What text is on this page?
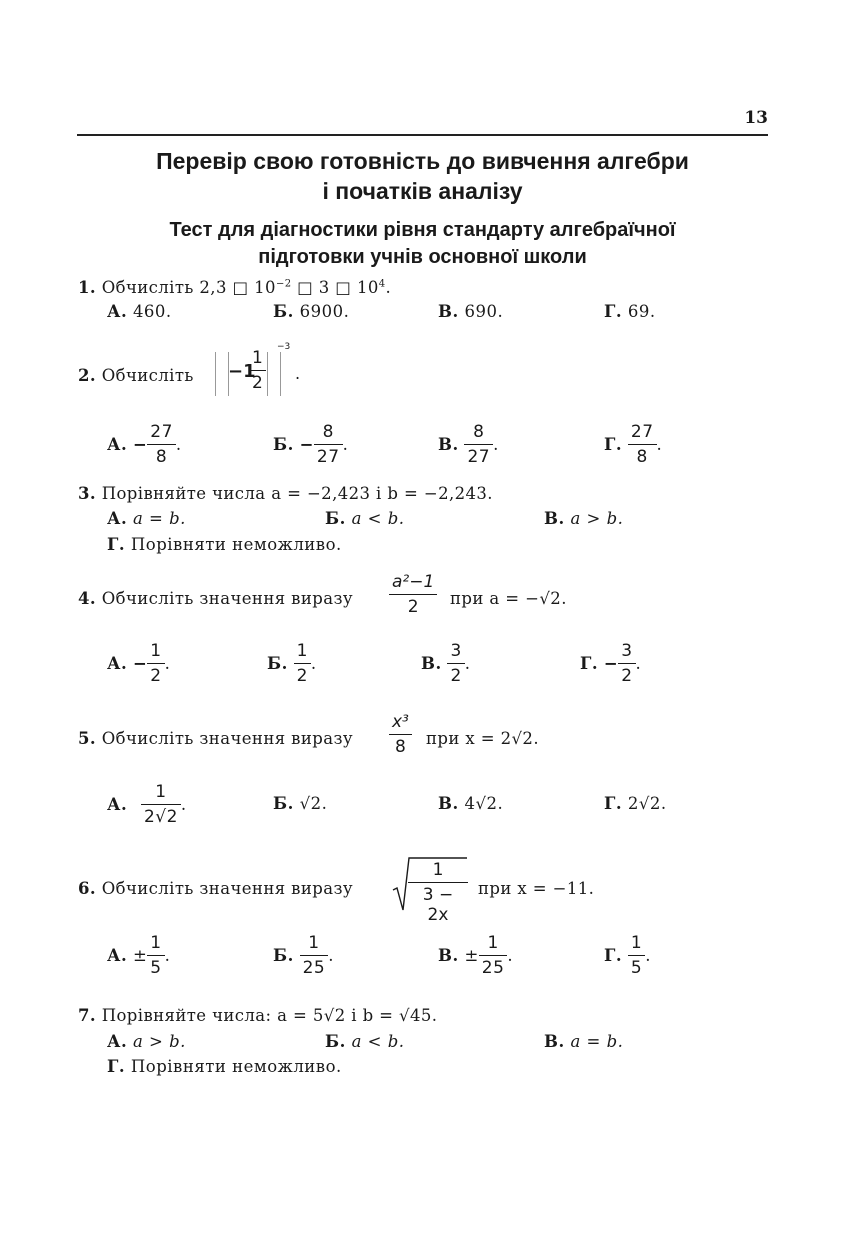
13
Перевір свою готовність до вивчення алгебри
і початків аналізу
Тест для діагностики рівня стандарту алгебраїчної
підготовки учнів основної школи
1. Обчисліть 2,3 □ $10^{-2}$ □ 3 □ $10^4$.
А. 460.	Б. 6900.	В. 690.	Г. 69.
2. Обчисліть −1
$\frac{1}{2}$
−3
.
А. − $\frac{27}{8}$ .	Б. − $\frac{8}{27}$ .	В. $\frac{8}{27}$ .	Г. $\frac{27}{8}$ .
3. Порівняйте числа a = −2,423 і b = −2,243.
А. a = b.	Б. a < b.	В. a > b.
Г. Порівняти неможливо.
4. Обчисліть значення виразу $\frac{\text{a²−1}}{2}$ при a = −√2.
А. − $\frac{1}{2}$ .	Б. $\frac{1}{2}$ .	В. $\frac{3}{2}$ .	Г. − $\frac{3}{2}$ .
5. Обчисліть значення виразу $\frac{\text{x³}}{8}$ при x = 2√2.
А. $\frac{1}{2√2}$ .	Б. √2.	В. 4√2.	Г. 2√2.
6. Обчисліть значення виразу	$\frac{1}{3 - 2x}$ при x = −11.
А. ± $\frac{1}{5}$ .	Б. $\frac{1}{25}$ .	В. ± $\frac{1}{25}$ .	Г. $\frac{1}{5}$ .
7. Порівняйте числа: a = 5√2 і b = √45.
А. a > b.	Б. a < b.	В. a = b.
Г. Порівняти неможливо.
